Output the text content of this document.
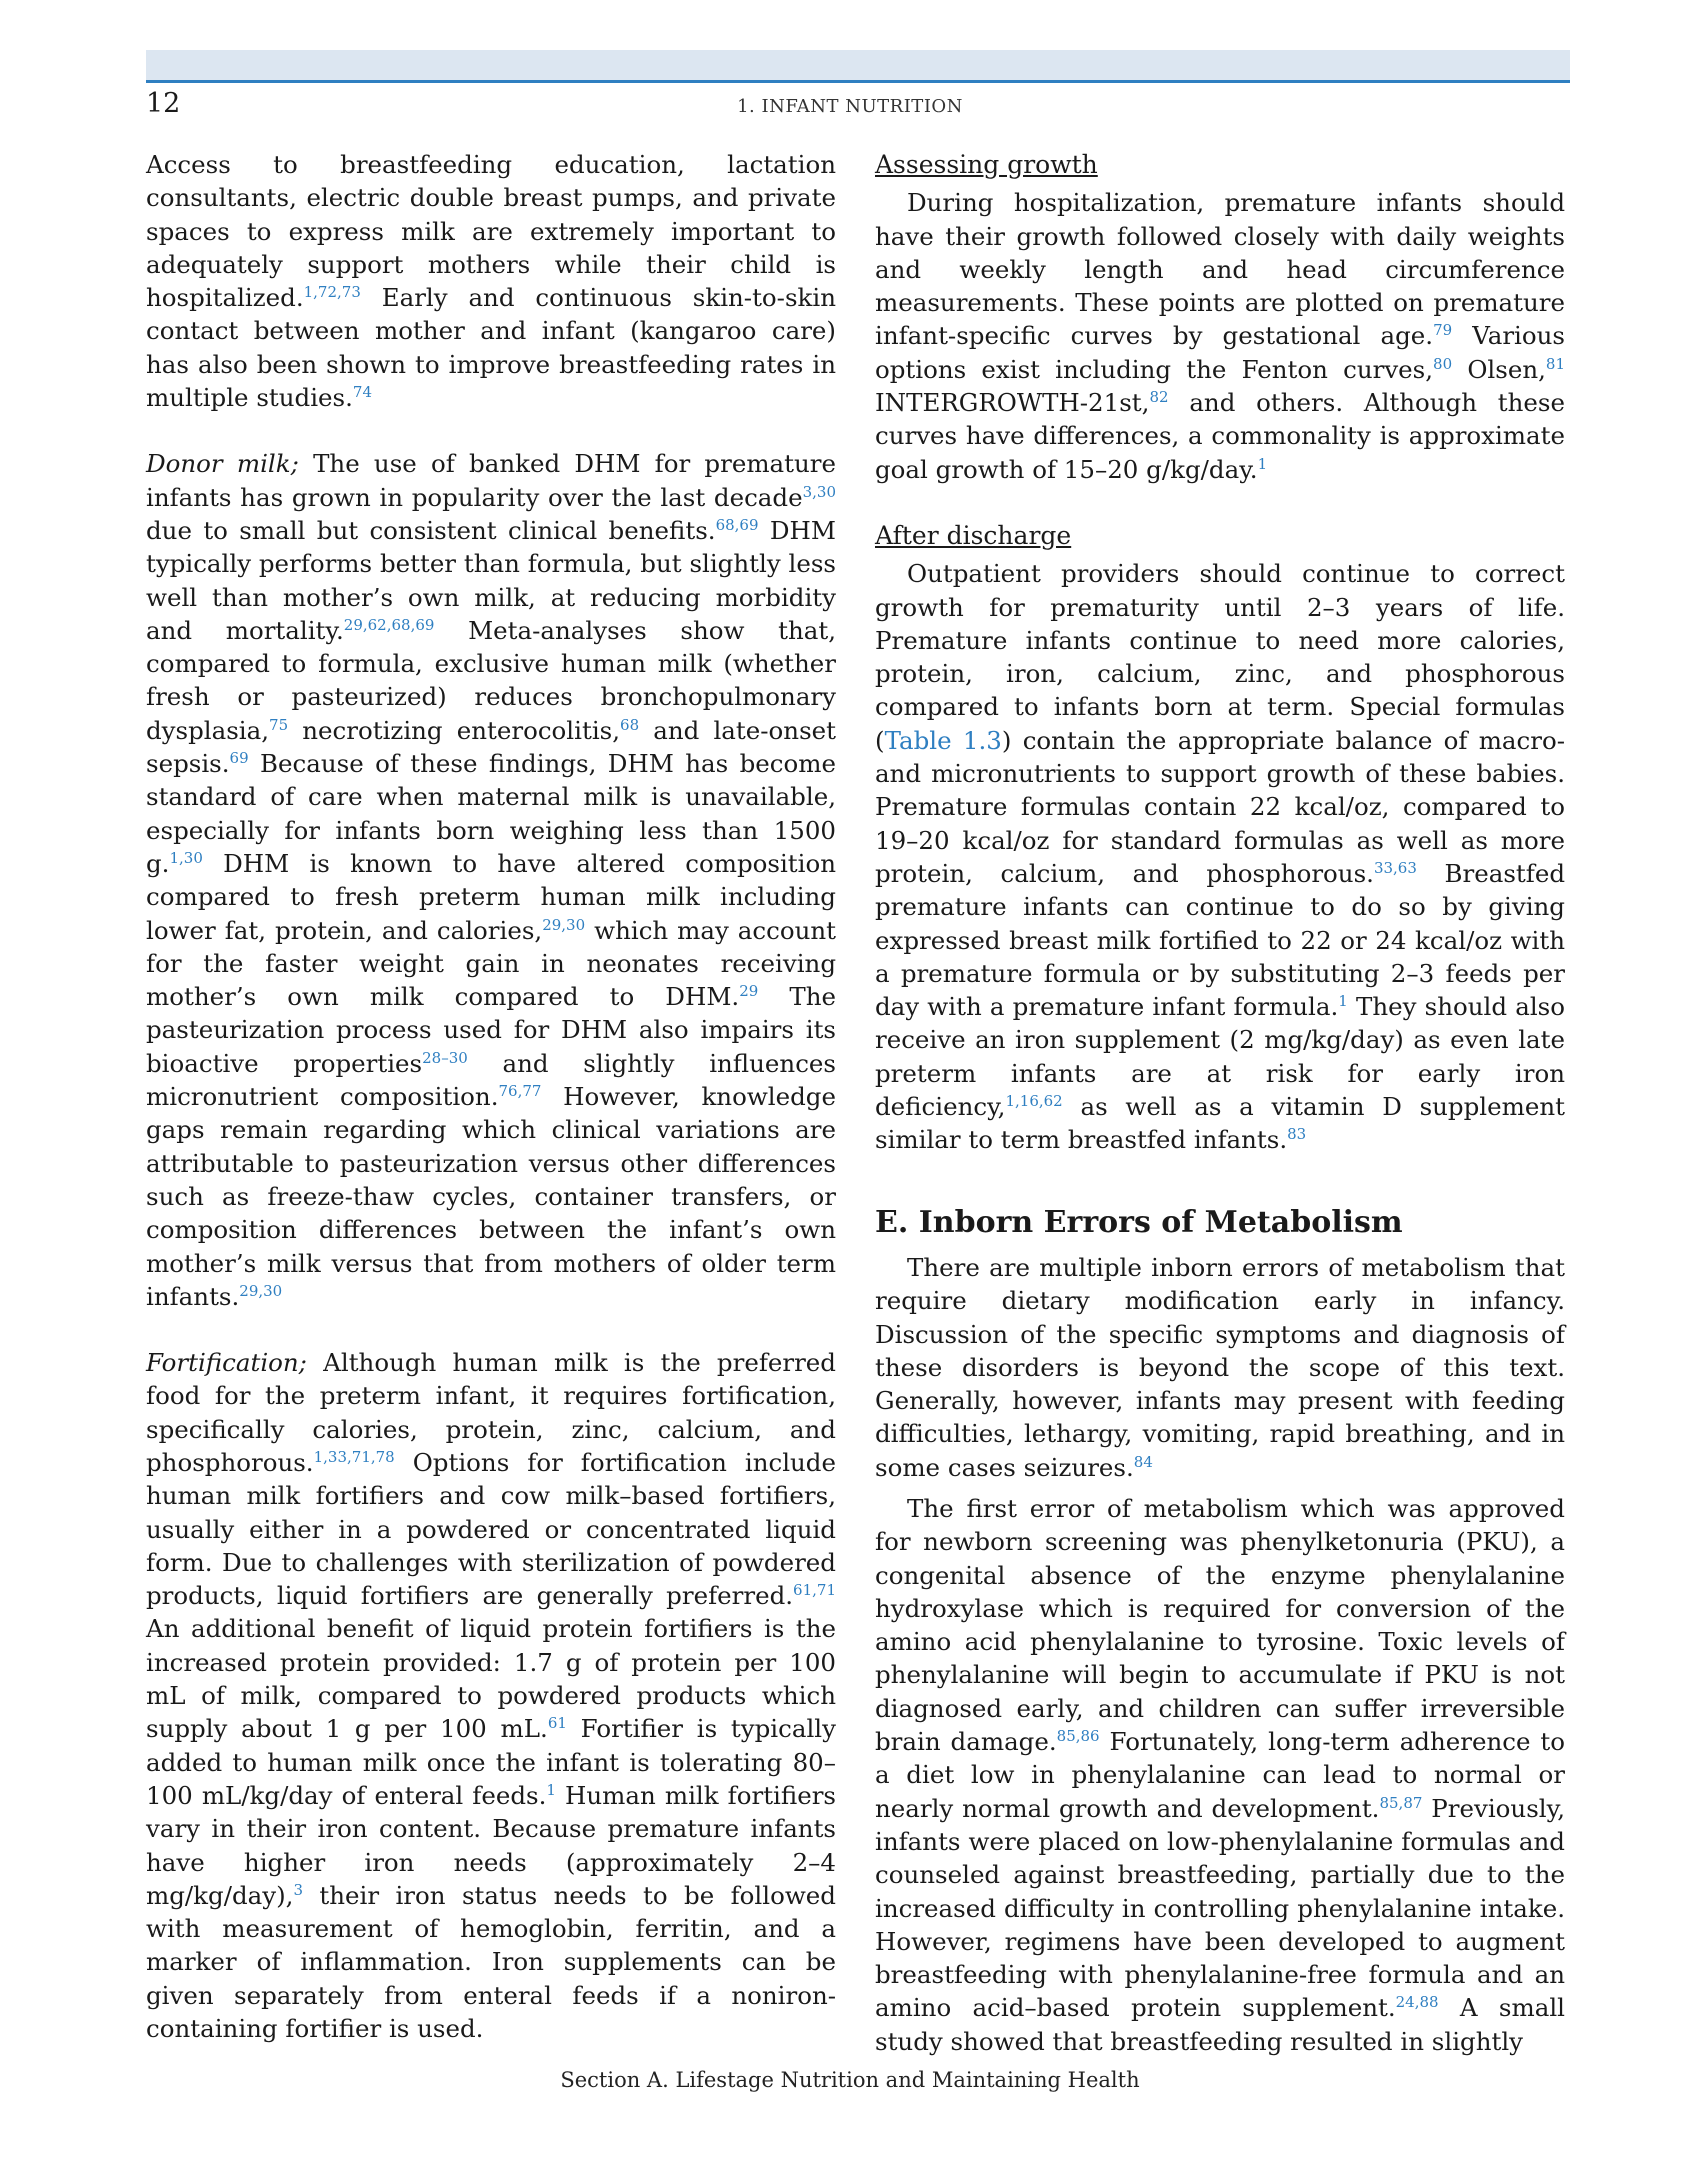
12	1. INFANT NUTRITION

Access to breastfeeding education, lactation consultants, electric double breast pumps, and private spaces to express milk are extremely important to adequately support mothers while their child is hospitalized.$^{1,72,73}$ Early and continuous skin-to-skin contact between mother and infant (kangaroo care) has also been shown to improve breastfeeding rates in multiple studies.$^{74}$

Donor milk; The use of banked DHM for premature infants has grown in popularity over the last decade$^{3,30}$ due to small but consistent clinical benefits.$^{68,69}$ DHM typically performs better than formula, but slightly less well than mother’s own milk, at reducing morbidity and mortality.$^{29,62,68,69}$ Meta-analyses show that, compared to formula, exclusive human milk (whether fresh or pasteurized) reduces bronchopulmonary dysplasia,$^{75}$ necrotizing enterocolitis,$^{68}$ and late-onset sepsis.$^{69}$ Because of these findings, DHM has become standard of care when maternal milk is unavailable, especially for infants born weighing less than 1500 g.$^{1,30}$ DHM is known to have altered composition compared to fresh preterm human milk including lower fat, protein, and calories,$^{29,30}$ which may account for the faster weight gain in neonates receiving mother’s own milk compared to DHM.$^{29}$ The pasteurization process used for DHM also impairs its bioactive properties$^{28-30}$ and slightly influences micronutrient composition.$^{76,77}$ However, knowledge gaps remain regarding which clinical variations are attributable to pasteurization versus other differences such as freeze-thaw cycles, container transfers, or composition differences between the infant’s own mother’s milk versus that from mothers of older term infants.$^{29,30}$

Fortification; Although human milk is the preferred food for the preterm infant, it requires fortification, specifically calories, protein, zinc, calcium, and phosphorous.$^{1,33,71,78}$ Options for fortification include human milk fortifiers and cow milk–based fortifiers, usually either in a powdered or concentrated liquid form. Due to challenges with sterilization of powdered products, liquid fortifiers are generally preferred.$^{61,71}$ An additional benefit of liquid protein fortifiers is the increased protein provided: 1.7 g of protein per 100 mL of milk, compared to powdered products which supply about 1 g per 100 mL.$^{61}$ Fortifier is typically added to human milk once the infant is tolerating 80–100 mL/kg/day of enteral feeds.$^1$ Human milk fortifiers vary in their iron content. Because premature infants have higher iron needs (approximately 2–4 mg/kg/day),$^3$ their iron status needs to be followed with measurement of hemoglobin, ferritin, and a marker of inflammation. Iron supplements can be given separately from enteral feeds if a noniron-containing fortifier is used.

Assessing growth

During hospitalization, premature infants should have their growth followed closely with daily weights and weekly length and head circumference measurements. These points are plotted on premature infant-specific curves by gestational age.$^{79}$ Various options exist including the Fenton curves,$^{80}$ Olsen,$^{81}$ INTERGROWTH-21st,$^{82}$ and others. Although these curves have differences, a commonality is approximate goal growth of 15–20 g/kg/day.$^1$

After discharge

Outpatient providers should continue to correct growth for prematurity until 2–3 years of life. Premature infants continue to need more calories, protein, iron, calcium, zinc, and phosphorous compared to infants born at term. Special formulas (Table 1.3) contain the appropriate balance of macro- and micronutrients to support growth of these babies. Premature formulas contain 22 kcal/oz, compared to 19–20 kcal/oz for standard formulas as well as more protein, calcium, and phosphorous.$^{33,63}$ Breastfed premature infants can continue to do so by giving expressed breast milk fortified to 22 or 24 kcal/oz with a premature formula or by substituting 2–3 feeds per day with a premature infant formula.$^1$ They should also receive an iron supplement (2 mg/kg/day) as even late preterm infants are at risk for early iron deficiency,$^{1,16,62}$ as well as a vitamin D supplement similar to term breastfed infants.$^{83}$

E. Inborn Errors of Metabolism

There are multiple inborn errors of metabolism that require dietary modification early in infancy. Discussion of the specific symptoms and diagnosis of these disorders is beyond the scope of this text. Generally, however, infants may present with feeding difficulties, lethargy, vomiting, rapid breathing, and in some cases seizures.$^{84}$

The first error of metabolism which was approved for newborn screening was phenylketonuria (PKU), a congenital absence of the enzyme phenylalanine hydroxylase which is required for conversion of the amino acid phenylalanine to tyrosine. Toxic levels of phenylalanine will begin to accumulate if PKU is not diagnosed early, and children can suffer irreversible brain damage.$^{85,86}$ Fortunately, long-term adherence to a diet low in phenylalanine can lead to normal or nearly normal growth and development.$^{85,87}$ Previously, infants were placed on low-phenylalanine formulas and counseled against breastfeeding, partially due to the increased difficulty in controlling phenylalanine intake. However, regimens have been developed to augment breastfeeding with phenylalanine-free formula and an amino acid–based protein supplement.$^{24,88}$ A small study showed that breastfeeding resulted in slightly

Section A. Lifestage Nutrition and Maintaining Health
